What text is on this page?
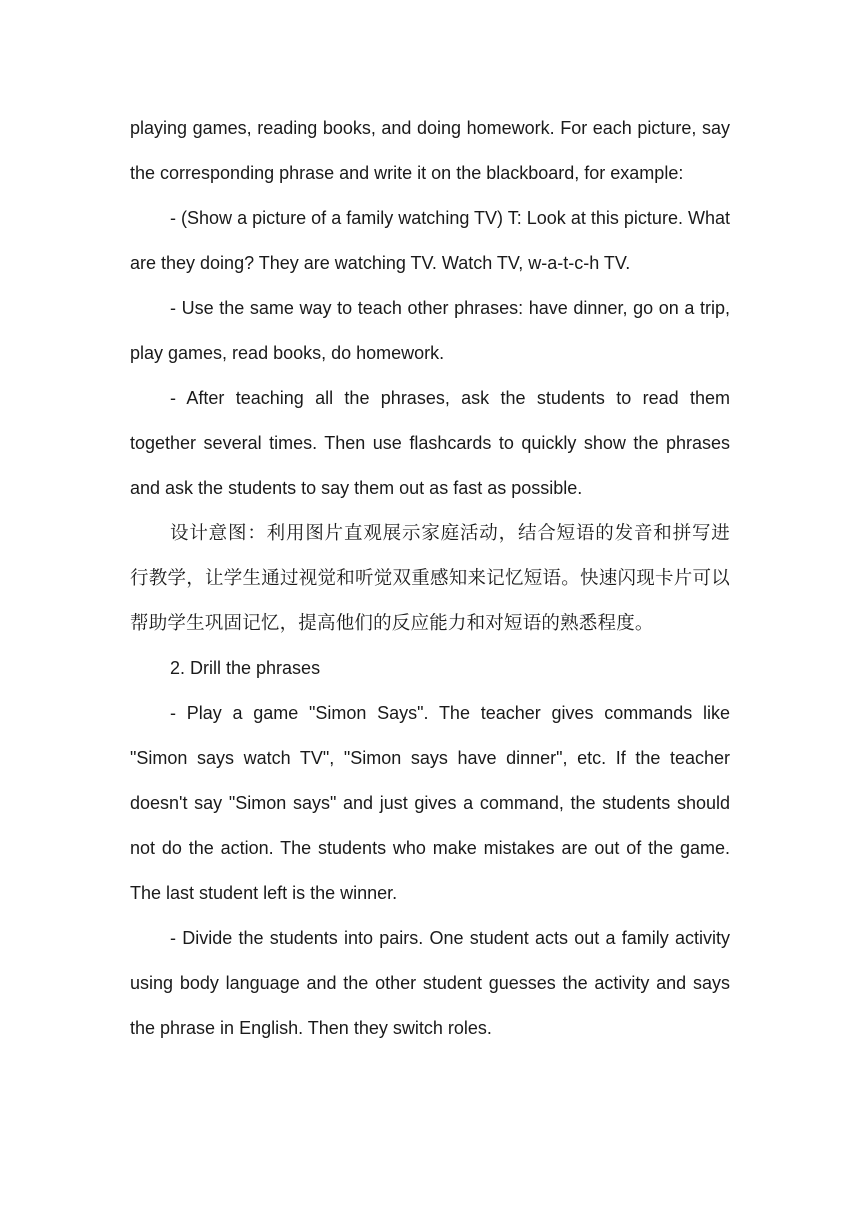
playing games, reading books, and doing homework. For each picture, say the corresponding phrase and write it on the blackboard, for example:

- (Show a picture of a family watching TV) T: Look at this picture. What are they doing? They are watching TV. Watch TV, w-a-t-c-h TV.

- Use the same way to teach other phrases: have dinner, go on a trip, play games, read books, do homework.

- After teaching all the phrases, ask the students to read them together several times. Then use flashcards to quickly show the phrases and ask the students to say them out as fast as possible.

设计意图：利用图片直观展示家庭活动，结合短语的发音和拼写进行教学，让学生通过视觉和听觉双重感知来记忆短语。快速闪现卡片可以帮助学生巩固记忆，提高他们的反应能力和对短语的熟悉程度。

2. Drill the phrases

- Play a game "Simon Says". The teacher gives commands like "Simon says watch TV", "Simon says have dinner", etc. If the teacher doesn't say "Simon says" and just gives a command, the students should not do the action. The students who make mistakes are out of the game. The last student left is the winner.

- Divide the students into pairs. One student acts out a family activity using body language and the other student guesses the activity and says the phrase in English. Then they switch roles.
